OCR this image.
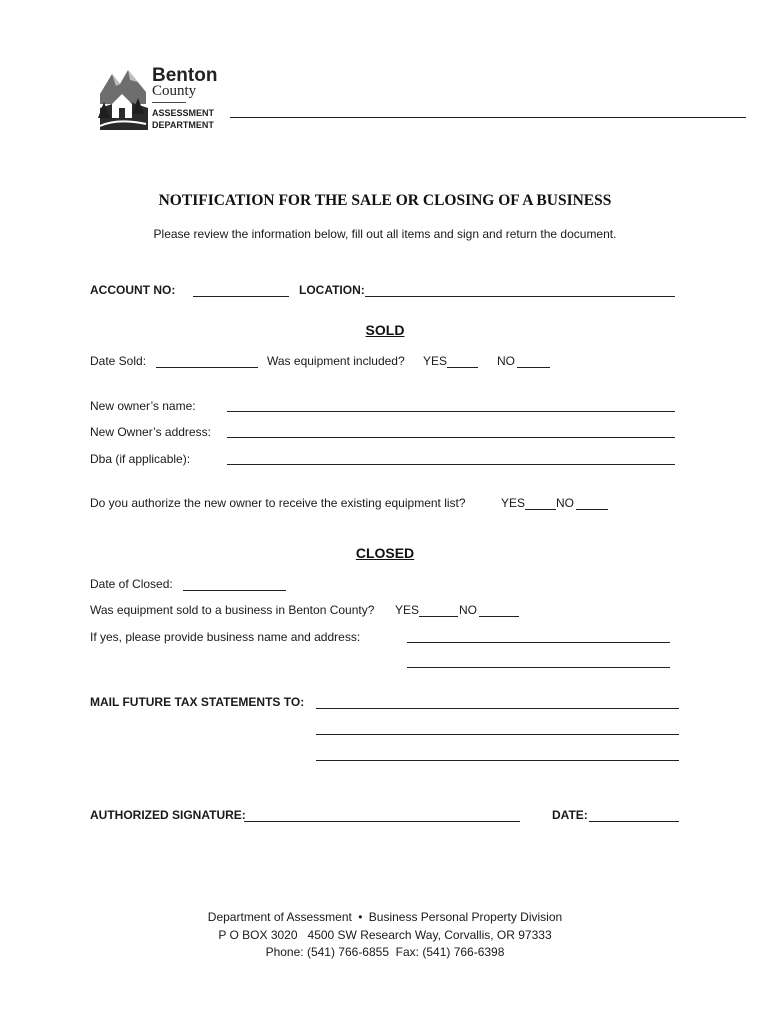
Benton
County
ASSESSMENT
DEPARTMENT
NOTIFICATION FOR THE SALE OR CLOSING OF A BUSINESS
Please review the information below, fill out all items and sign and return the document.
ACCOUNT NO:	LOCATION:
SOLD
Date Sold:	Was equipment included? YES	NO
New owner’s name:
New Owner’s address:
Dba (if applicable):
Do you authorize the new owner to receive the existing equipment list?	YES	NO
CLOSED
Date of Closed:
Was equipment sold to a business in Benton County? YES	NO
If yes, please provide business name and address:
MAIL FUTURE TAX STATEMENTS TO:
AUTHORIZED SIGNATURE:	DATE:
Department of Assessment • Business Personal Property Division
P O BOX 3020   4500 SW Research Way, Corvallis, OR 97333
Phone: (541) 766-6855  Fax: (541) 766-6398
